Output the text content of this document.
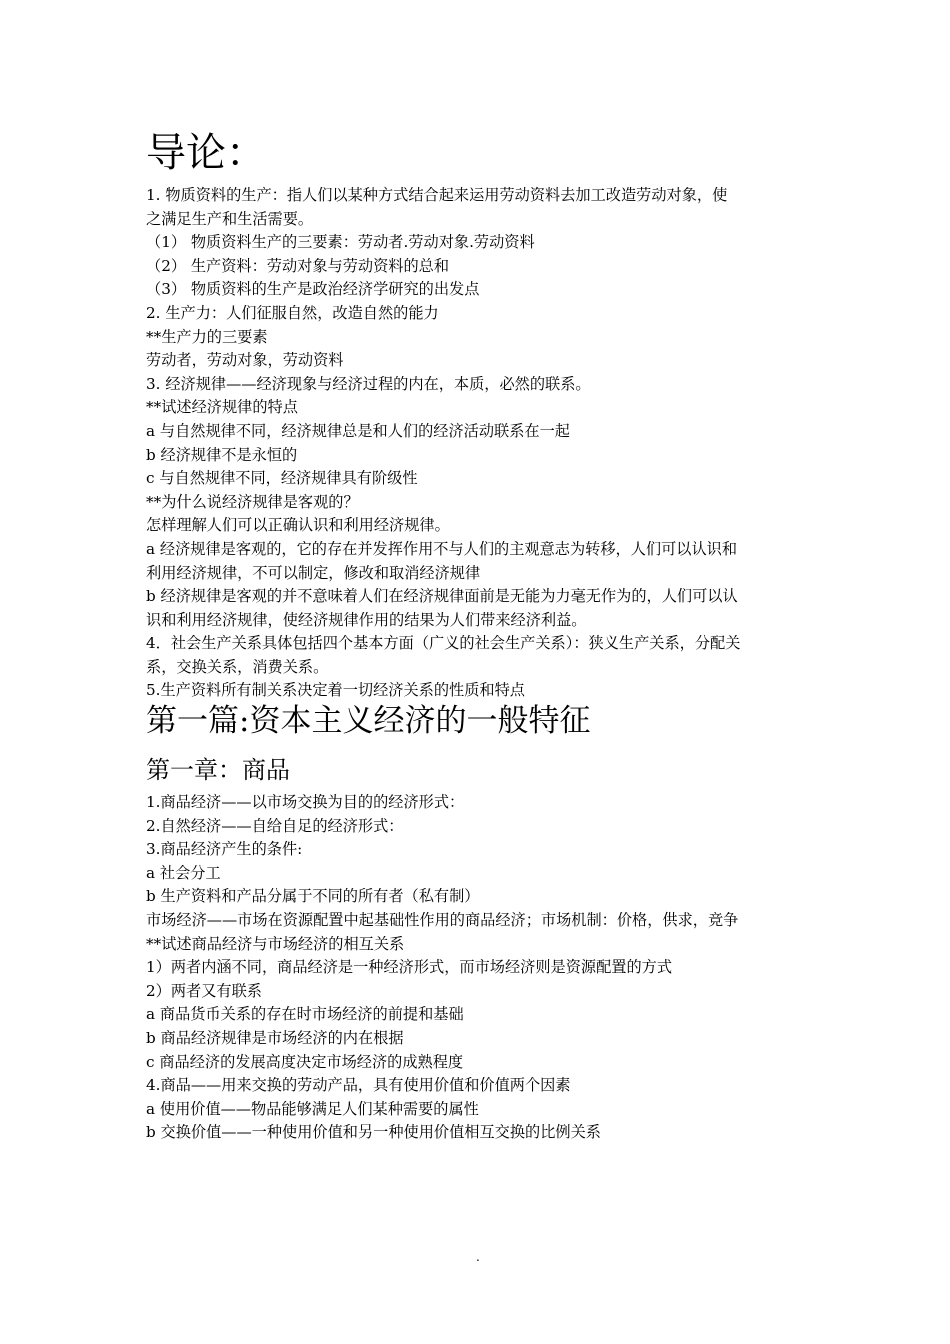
导论：
1. 物质资料的生产：指人们以某种方式结合起来运用劳动资料去加工改造劳动对象，使
之满足生产和生活需要。
（1） 物质资料生产的三要素：劳动者.劳动对象.劳动资料
（2） 生产资料：劳动对象与劳动资料的总和
（3） 物质资料的生产是政治经济学研究的出发点
2. 生产力：人们征服自然，改造自然的能力
**生产力的三要素
劳动者，劳动对象，劳动资料
3. 经济规律——经济现象与经济过程的内在，本质，必然的联系。
**试述经济规律的特点
a 与自然规律不同，经济规律总是和人们的经济活动联系在一起
b 经济规律不是永恒的
c 与自然规律不同，经济规律具有阶级性
**为什么说经济规律是客观的？
怎样理解人们可以正确认识和利用经济规律。
a 经济规律是客观的，它的存在并发挥作用不与人们的主观意志为转移，人们可以认识和
利用经济规律，不可以制定，修改和取消经济规律
b 经济规律是客观的并不意味着人们在经济规律面前是无能为力毫无作为的，人们可以认
识和利用经济规律，使经济规律作用的结果为人们带来经济利益。
4．社会生产关系具体包括四个基本方面（广义的社会生产关系）：狭义生产关系，分配关
系，交换关系，消费关系。
5.生产资料所有制关系决定着一切经济关系的性质和特点
第一篇:资本主义经济的一般特征
第一章：商品
1.商品经济——以市场交换为目的的经济形式：
2.自然经济——自给自足的经济形式：
3.商品经济产生的条件:
a 社会分工
b 生产资料和产品分属于不同的所有者（私有制）
市场经济——市场在资源配置中起基础性作用的商品经济；市场机制：价格，供求，竞争
**试述商品经济与市场经济的相互关系
1）两者内涵不同，商品经济是一种经济形式，而市场经济则是资源配置的方式
2）两者又有联系
a 商品货币关系的存在时市场经济的前提和基础
b 商品经济规律是市场经济的内在根据
c 商品经济的发展高度决定市场经济的成熟程度
4.商品——用来交换的劳动产品，具有使用价值和价值两个因素
a 使用价值——物品能够满足人们某种需要的属性
b 交换价值——一种使用价值和另一种使用价值相互交换的比例关系
.
